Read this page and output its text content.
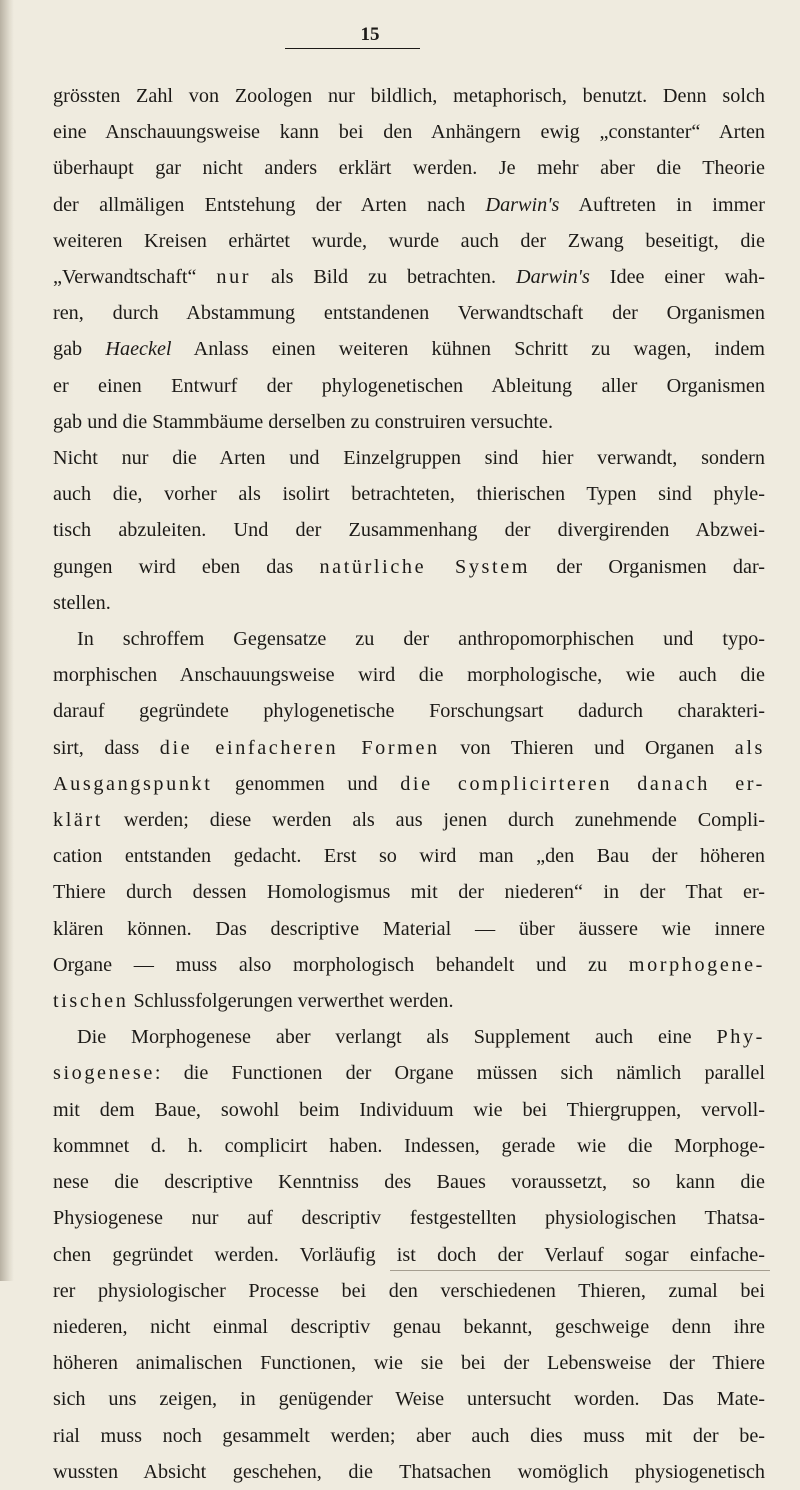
15
grössten Zahl von Zoologen nur bildlich, metaphorisch, benutzt. Denn solch
eine Anschauungsweise kann bei den Anhängern ewig „constanter“ Arten
überhaupt gar nicht anders erklärt werden. Je mehr aber die Theorie
der allmäligen Entstehung der Arten nach Darwin's Auftreten in immer
weiteren Kreisen erhärtet wurde, wurde auch der Zwang beseitigt, die
„Verwandtschaft“ nur als Bild zu betrachten. Darwin's Idee einer wah-
ren, durch Abstammung entstandenen Verwandtschaft der Organismen
gab Haeckel Anlass einen weiteren kühnen Schritt zu wagen, indem
er einen Entwurf der phylogenetischen Ableitung aller Organismen
gab und die Stammbäume derselben zu construiren versuchte.
Nicht nur die Arten und Einzelgruppen sind hier verwandt, sondern
auch die, vorher als isolirt betrachteten, thierischen Typen sind phyle-
tisch abzuleiten. Und der Zusammenhang der divergirenden Abzwei-
gungen wird eben das natürliche System der Organismen dar-
stellen.
In schroffem Gegensatze zu der anthropomorphischen und typo-
morphischen Anschauungsweise wird die morphologische, wie auch die
darauf gegründete phylogenetische Forschungsart dadurch charakteri-
sirt, dass die einfacheren Formen von Thieren und Organen als
Ausgangspunkt genommen und die complicirteren danach er-
klärt werden; diese werden als aus jenen durch zunehmende Compli-
cation entstanden gedacht. Erst so wird man „den Bau der höheren
Thiere durch dessen Homologismus mit der niederen“ in der That er-
klären können. Das descriptive Material — über äussere wie innere
Organe — muss also morphologisch behandelt und zu morphogene-
tischen Schlussfolgerungen verwerthet werden.
Die Morphogenese aber verlangt als Supplement auch eine Phy-
siogenese: die Functionen der Organe müssen sich nämlich parallel
mit dem Baue, sowohl beim Individuum wie bei Thiergruppen, vervoll-
kommnet d. h. complicirt haben. Indessen, gerade wie die Morphoge-
nese die descriptive Kenntniss des Baues voraussetzt, so kann die
Physiogenese nur auf descriptiv festgestellten physiologischen Thatsa-
chen gegründet werden. Vorläufig ist doch der Verlauf sogar einfache-
rer physiologischer Processe bei den verschiedenen Thieren, zumal bei
niederen, nicht einmal descriptiv genau bekannt, geschweige denn ihre
höheren animalischen Functionen, wie sie bei der Lebensweise der Thiere
sich uns zeigen, in genügender Weise untersucht worden. Das Mate-
rial muss noch gesammelt werden; aber auch dies muss mit der be-
wussten Absicht geschehen, die Thatsachen womöglich physiogenetisch
